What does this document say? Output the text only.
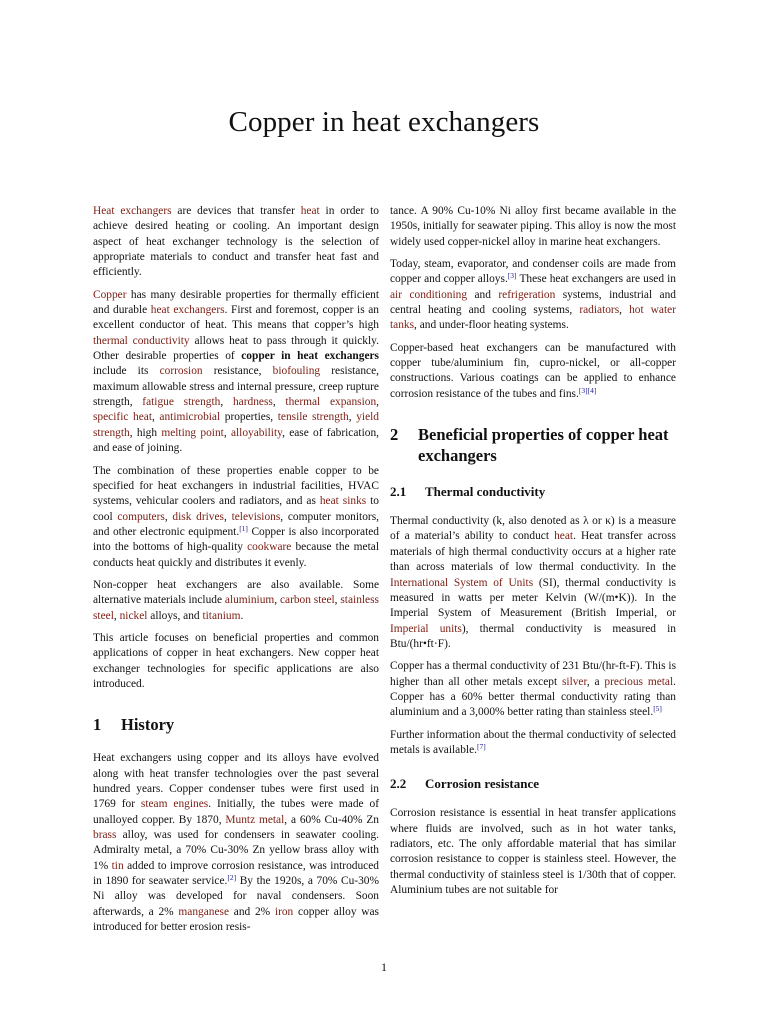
Copper in heat exchangers

Heat exchangers are devices that transfer heat in order to achieve desired heating or cooling. An important design aspect of heat exchanger technology is the selection of appropriate materials to conduct and transfer heat fast and efficiently.

Copper has many desirable properties for thermally efficient and durable heat exchangers. First and foremost, copper is an excellent conductor of heat. This means that copper’s high thermal conductivity allows heat to pass through it quickly. Other desirable properties of copper in heat exchangers include its corrosion resistance, biofouling resistance, maximum allowable stress and internal pressure, creep rupture strength, fatigue strength, hardness, thermal expansion, specific heat, antimicrobial properties, tensile strength, yield strength, high melting point, alloyability, ease of fabrication, and ease of joining.

The combination of these properties enable copper to be specified for heat exchangers in industrial facilities, HVAC systems, vehicular coolers and radiators, and as heat sinks to cool computers, disk drives, televisions, computer monitors, and other electronic equipment.[1] Copper is also incorporated into the bottoms of high-quality cookware because the metal conducts heat quickly and distributes it evenly.

Non-copper heat exchangers are also available. Some alternative materials include aluminium, carbon steel, stainless steel, nickel alloys, and titanium.

This article focuses on beneficial properties and common applications of copper in heat exchangers. New copper heat exchanger technologies for specific applications are also introduced.

1	History

Heat exchangers using copper and its alloys have evolved along with heat transfer technologies over the past several hundred years. Copper condenser tubes were first used in 1769 for steam engines. Initially, the tubes were made of unalloyed copper. By 1870, Muntz metal, a 60% Cu-40% Zn brass alloy, was used for condensers in seawater cooling. Admiralty metal, a 70% Cu-30% Zn yellow brass alloy with 1% tin added to improve corrosion resistance, was introduced in 1890 for seawater service.[2] By the 1920s, a 70% Cu-30% Ni alloy was developed for naval condensers. Soon afterwards, a 2% manganese and 2% iron copper alloy was introduced for better erosion resis-

tance. A 90% Cu-10% Ni alloy first became available in the 1950s, initially for seawater piping. This alloy is now the most widely used copper-nickel alloy in marine heat exchangers.

Today, steam, evaporator, and condenser coils are made from copper and copper alloys.[3] These heat exchangers are used in air conditioning and refrigeration systems, industrial and central heating and cooling systems, radiators, hot water tanks, and under-floor heating systems.

Copper-based heat exchangers can be manufactured with copper tube/aluminium fin, cupro-nickel, or all-copper constructions. Various coatings can be applied to enhance corrosion resistance of the tubes and fins.[3][4]

2	Beneficial properties of copper heat exchangers
2.1	Thermal conductivity

Thermal conductivity (k, also denoted as λ or κ) is a measure of a material’s ability to conduct heat. Heat transfer across materials of high thermal conductivity occurs at a higher rate than across materials of low thermal conductivity. In the International System of Units (SI), thermal conductivity is measured in watts per meter Kelvin (W/(m•K)). In the Imperial System of Measurement (British Imperial, or Imperial units), thermal conductivity is measured in Btu/(hr•ft⋅F).

Copper has a thermal conductivity of 231 Btu/(hr-ft-F). This is higher than all other metals except silver, a precious metal. Copper has a 60% better thermal conductivity rating than aluminium and a 3,000% better rating than stainless steel.[5]

Further information about the thermal conductivity of selected metals is available.[7]

2.2	Corrosion resistance

Corrosion resistance is essential in heat transfer applications where fluids are involved, such as in hot water tanks, radiators, etc. The only affordable material that has similar corrosion resistance to copper is stainless steel. However, the thermal conductivity of stainless steel is 1/30th that of copper. Aluminium tubes are not suitable for

1
